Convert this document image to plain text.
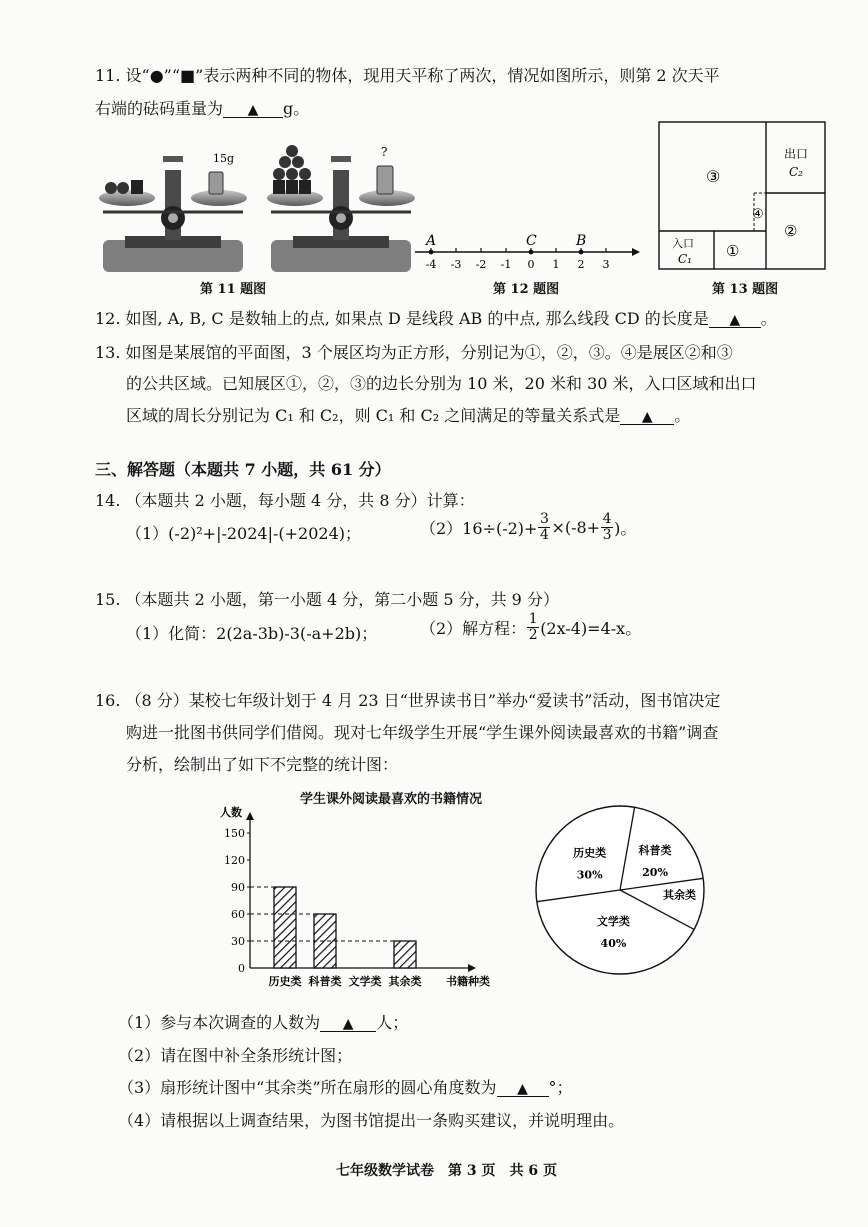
11. 设“●”“■”表示两种不同的物体，现用天平称了两次，情况如图所示，则第 2 次天平
右端的砝码重量为 ▲ g。
15g	?
第 11 题图
-4 -3 -2 -1 0 1 2 3
A	C	B
第 12 题图
③
出口
C₂
④
②
入口
C₁ ①
第 13 题图
12. 如图, A, B, C 是数轴上的点, 如果点 D 是线段 AB 的中点, 那么线段 CD 的长度是 ▲ 。
13. 如图是某展馆的平面图，3 个展区均为正方形，分别记为①，②，③。④是展区②和③
的公共区域。已知展区①，②，③的边长分别为 10 米，20 米和 30 米，入口区域和出口
区域的周长分别记为 C₁ 和 C₂，则 C₁ 和 C₂ 之间满足的等量关系式是 ▲ 。
三、解答题（本题共 7 小题，共 61 分）
14. （本题共 2 小题，每小题 4 分，共 8 分）计算：
（1）(-2)²+|-2024|-(+2024)；	（2）16÷(-2)+ 3
4 ×(-8+ 4
3 )。
15. （本题共 2 小题，第一小题 4 分，第二小题 5 分，共 9 分）
（1）化简：2(2a-3b)-3(-a+2b)；	（2）解方程： 1
2 (2x-4)=4-x。
16. （8 分）某校七年级计划于 4 月 23 日“世界读书日”举办“爱读书”活动，图书馆决定
购进一批图书供同学们借阅。现对七年级学生开展“学生课外阅读最喜欢的书籍”调查
分析，绘制出了如下不完整的统计图：
学生课外阅读最喜欢的书籍情况
人数
0
30
60
90
120
150
历史类 科普类 文学类 其余类 书籍种类
科普类
20%
其余类
文学类
40%
历史类
30%
（1）参与本次调查的人数为 ▲ 人；
（2）请在图中补全条形统计图；
（3）扇形统计图中“其余类”所在扇形的圆心角度数为 ▲ °；
（4）请根据以上调查结果，为图书馆提出一条购买建议，并说明理由。
七年级数学试卷　第 3 页　共 6 页
